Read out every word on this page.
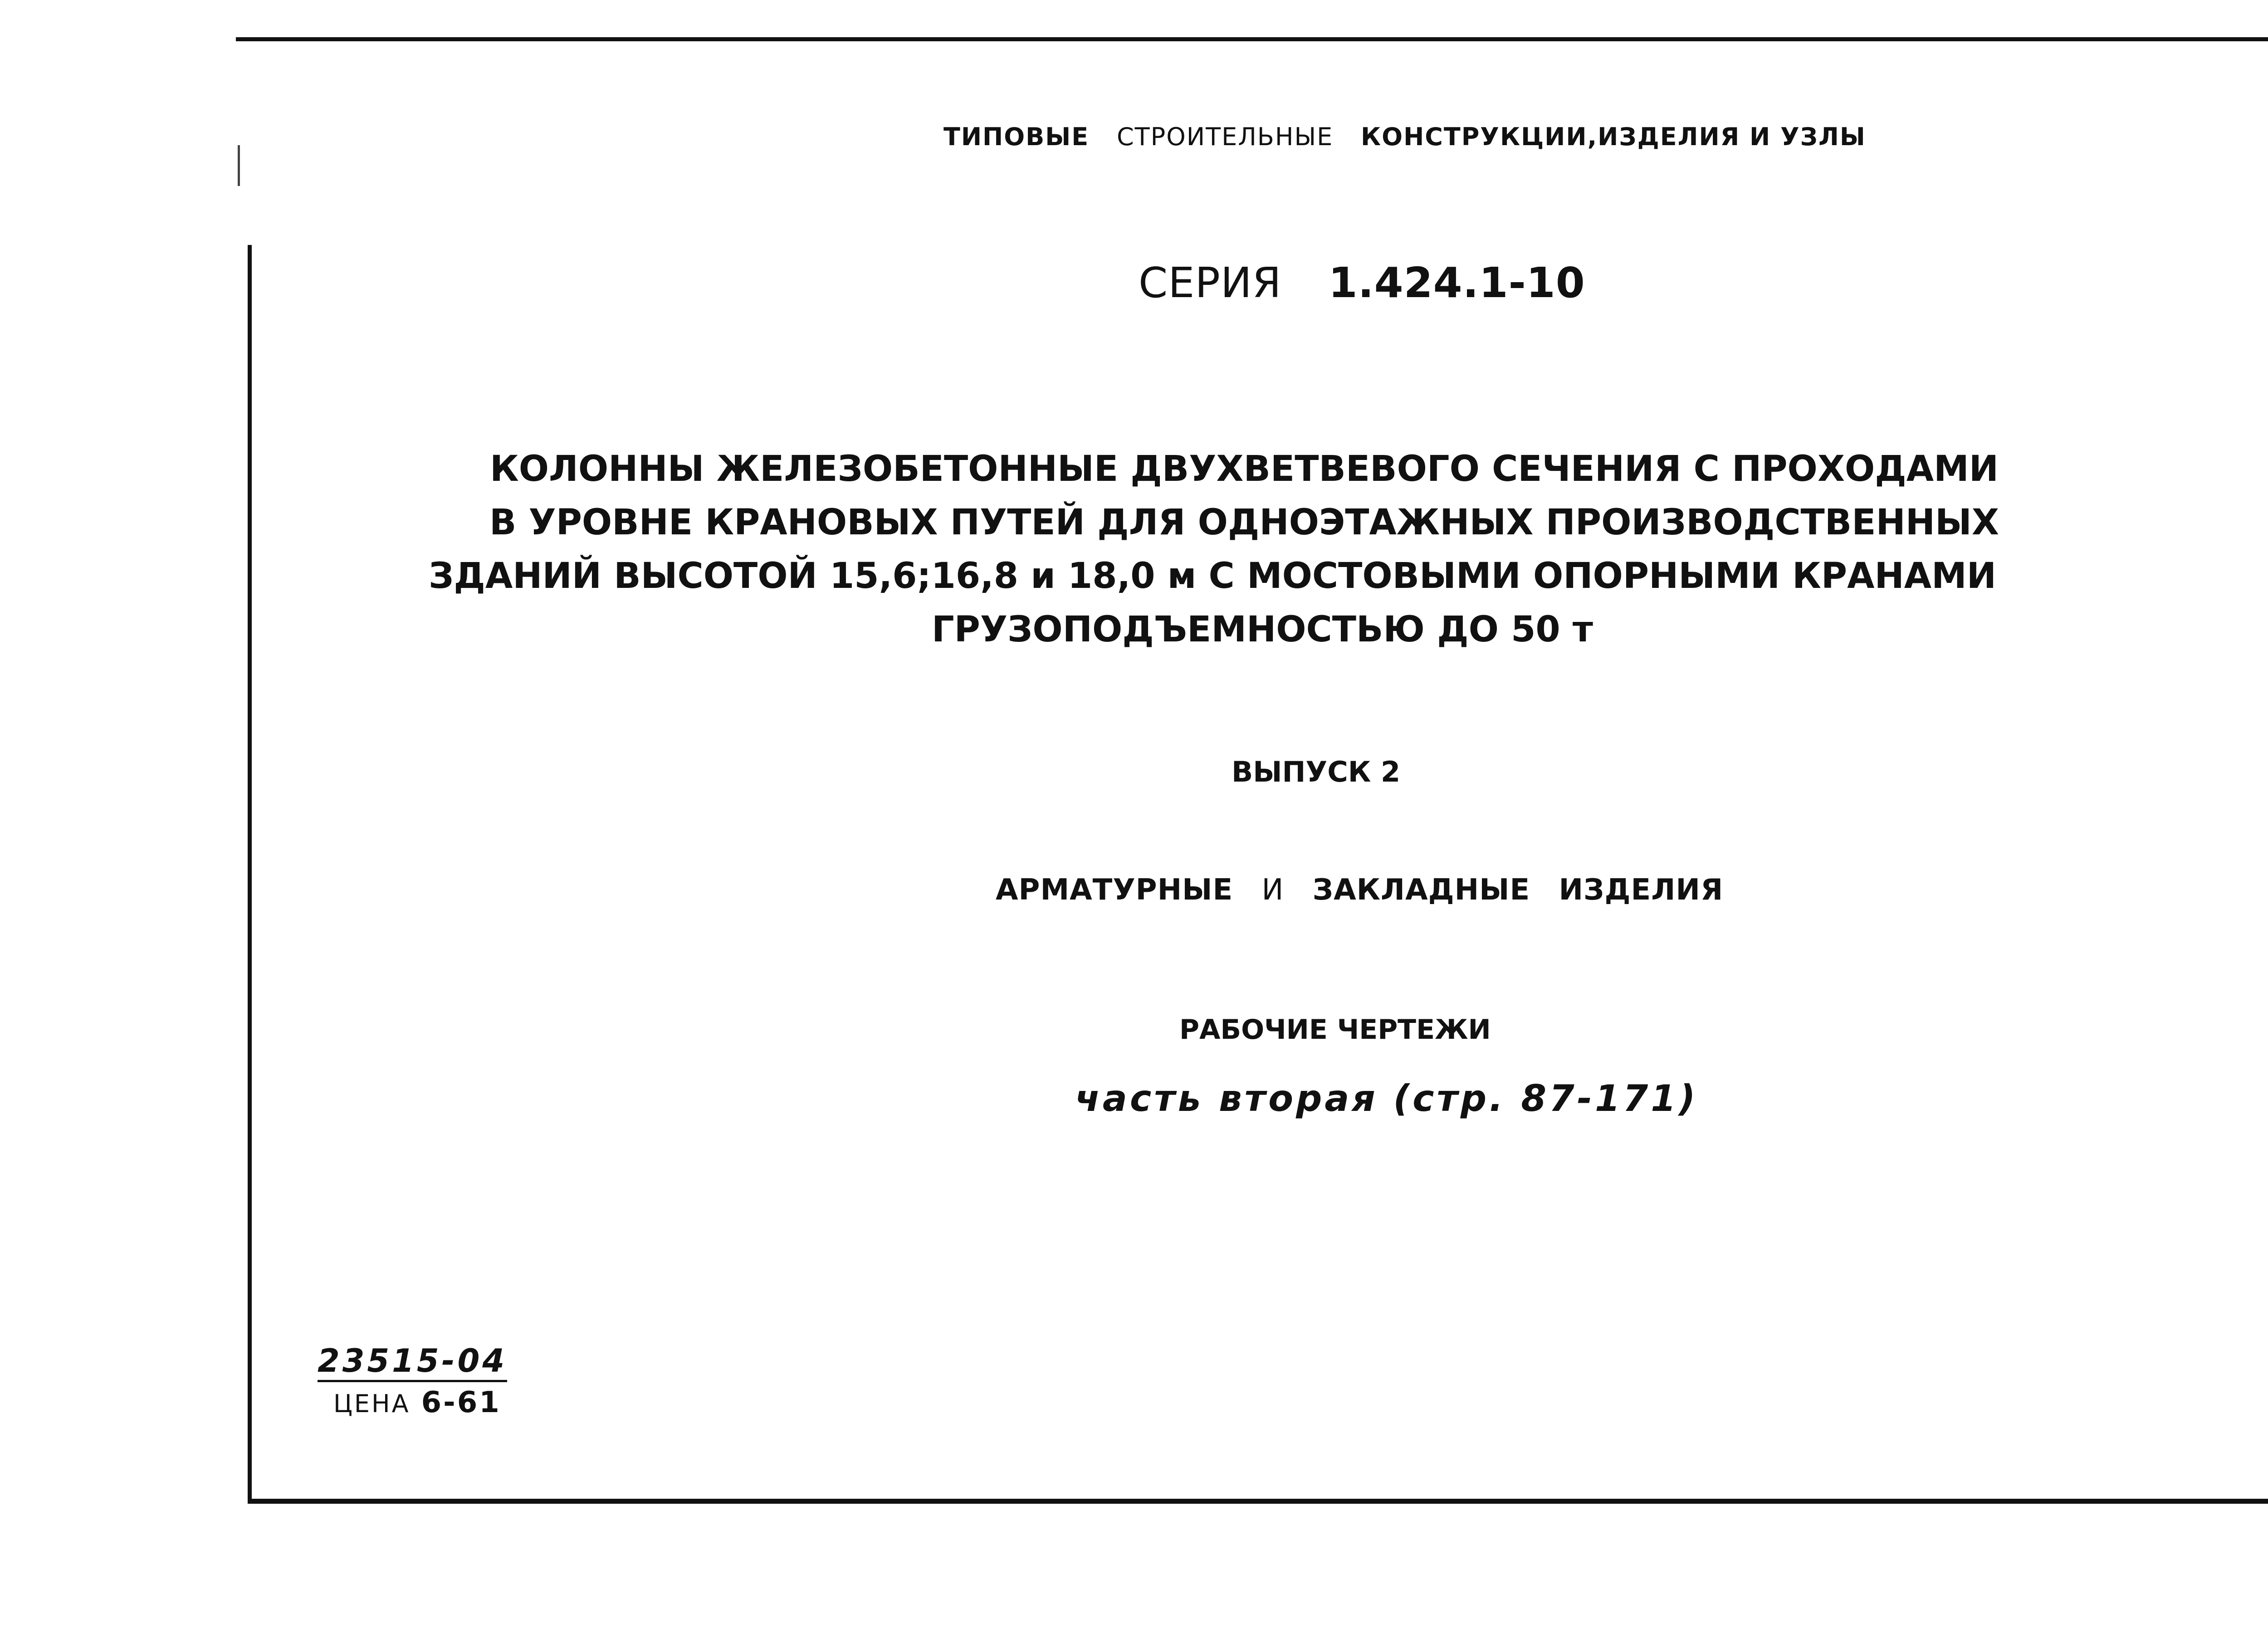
ТИПОВЫЕ СТРОИТЕЛЬНЫЕ КОНСТРУКЦИИ,ИЗДЕЛИЯ И УЗЛЫ
СЕРИЯ 1.424.1-10
КОЛОННЫ ЖЕЛЕЗОБЕТОННЫЕ ДВУХВЕТВЕВОГО СЕЧЕНИЯ С ПРОХОДАМИ
В УРОВНЕ КРАНОВЫХ ПУТЕЙ ДЛЯ ОДНОЭТАЖНЫХ ПРОИЗВОДСТВЕННЫХ
ЗДАНИЙ ВЫСОТОЙ 15,6;16,8 и 18,0 м С МОСТОВЫМИ ОПОРНЫМИ КРАНАМИ
ГРУЗОПОДЪЕМНОСТЬЮ ДО 50 т
ВЫПУСК 2
АРМАТУРНЫЕ И ЗАКЛАДНЫЕ ИЗДЕЛИЯ
РАБОЧИЕ ЧЕРТЕЖИ
часть вторая (стр. 87-171)
23515-04
ЦЕНА 6-61
